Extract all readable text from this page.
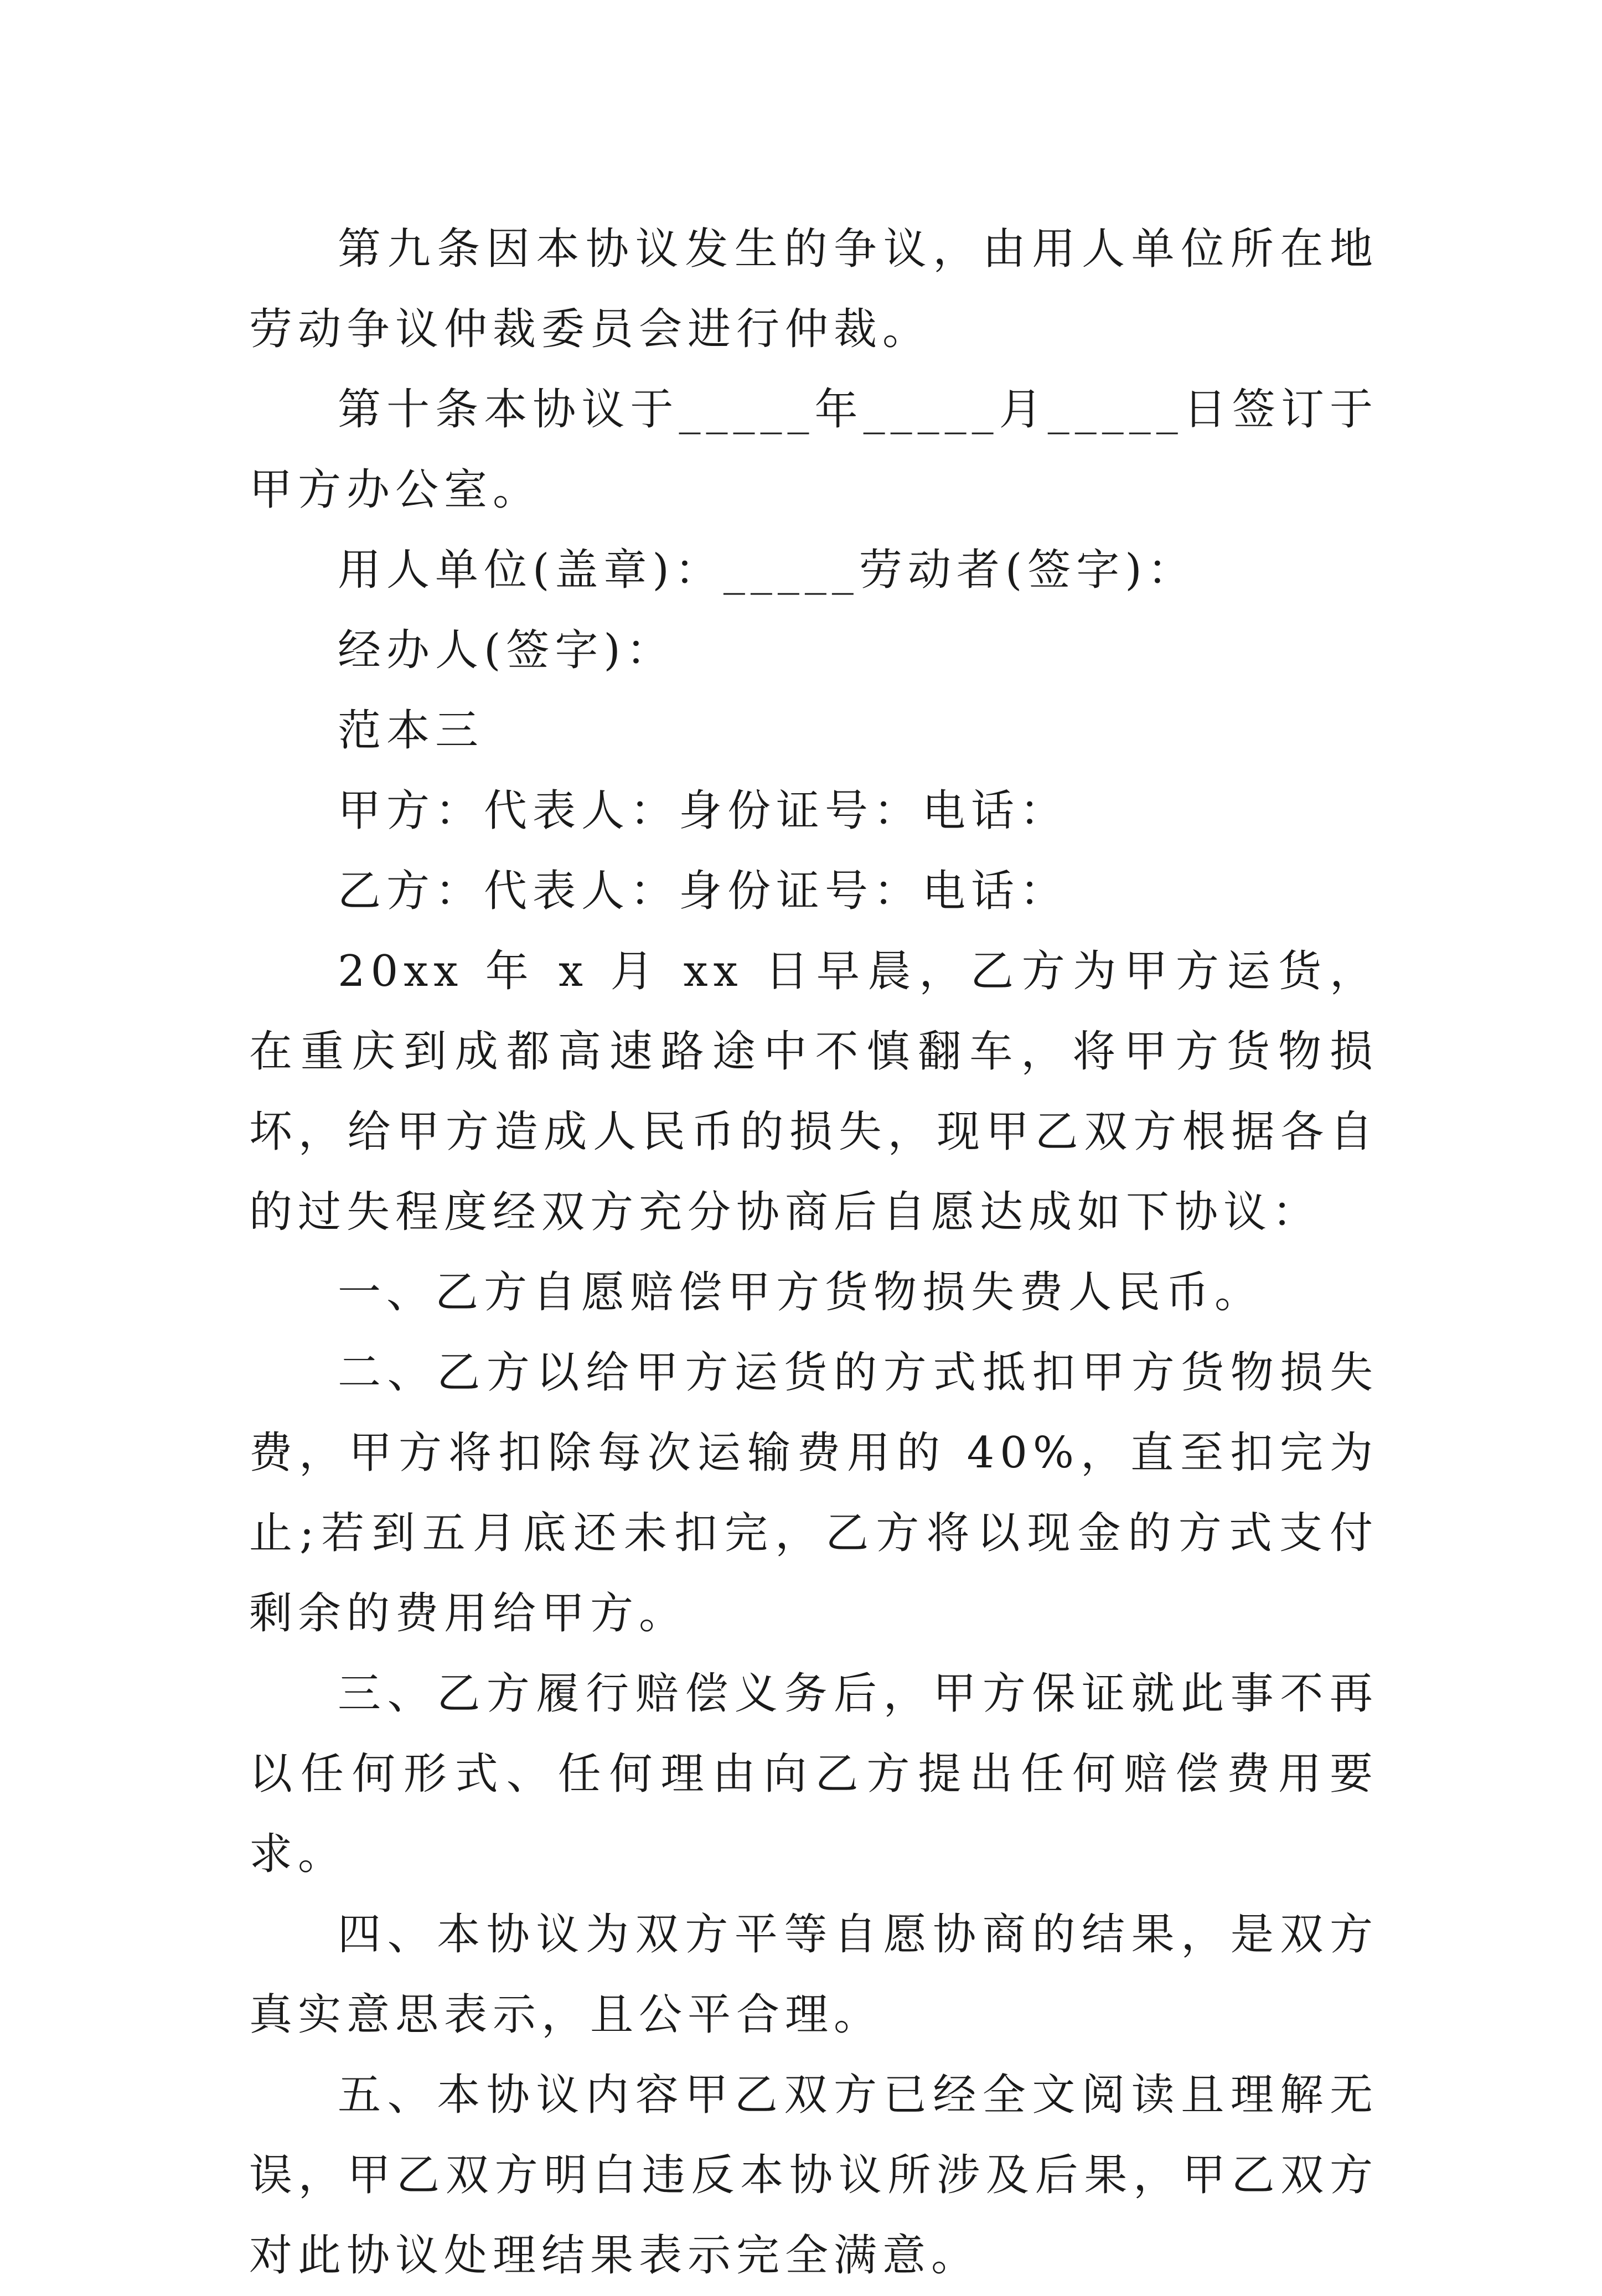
第九条因本协议发生的争议，由用人单位所在地劳动争议仲裁委员会进行仲裁。

第十条本协议于_____年_____月_____日签订于甲方办公室。

用人单位(盖章)：_____劳动者(签字)：

经办人(签字)：

范本三

甲方：代表人：身份证号：电话：

乙方：代表人：身份证号：电话：

20xx 年 x 月 xx 日早晨，乙方为甲方运货，在重庆到成都高速路途中不慎翻车，将甲方货物损坏，给甲方造成人民币的损失，现甲乙双方根据各自的过失程度经双方充分协商后自愿达成如下协议：

一、乙方自愿赔偿甲方货物损失费人民币。

二、乙方以给甲方运货的方式抵扣甲方货物损失费，甲方将扣除每次运输费用的 40%，直至扣完为止;若到五月底还未扣完，乙方将以现金的方式支付剩余的费用给甲方。

三、乙方履行赔偿义务后，甲方保证就此事不再以任何形式、任何理由向乙方提出任何赔偿费用要求。

四、本协议为双方平等自愿协商的结果，是双方真实意思表示，且公平合理。

五、本协议内容甲乙双方已经全文阅读且理解无误，甲乙双方明白违反本协议所涉及后果，甲乙双方对此协议处理结果表示完全满意。
